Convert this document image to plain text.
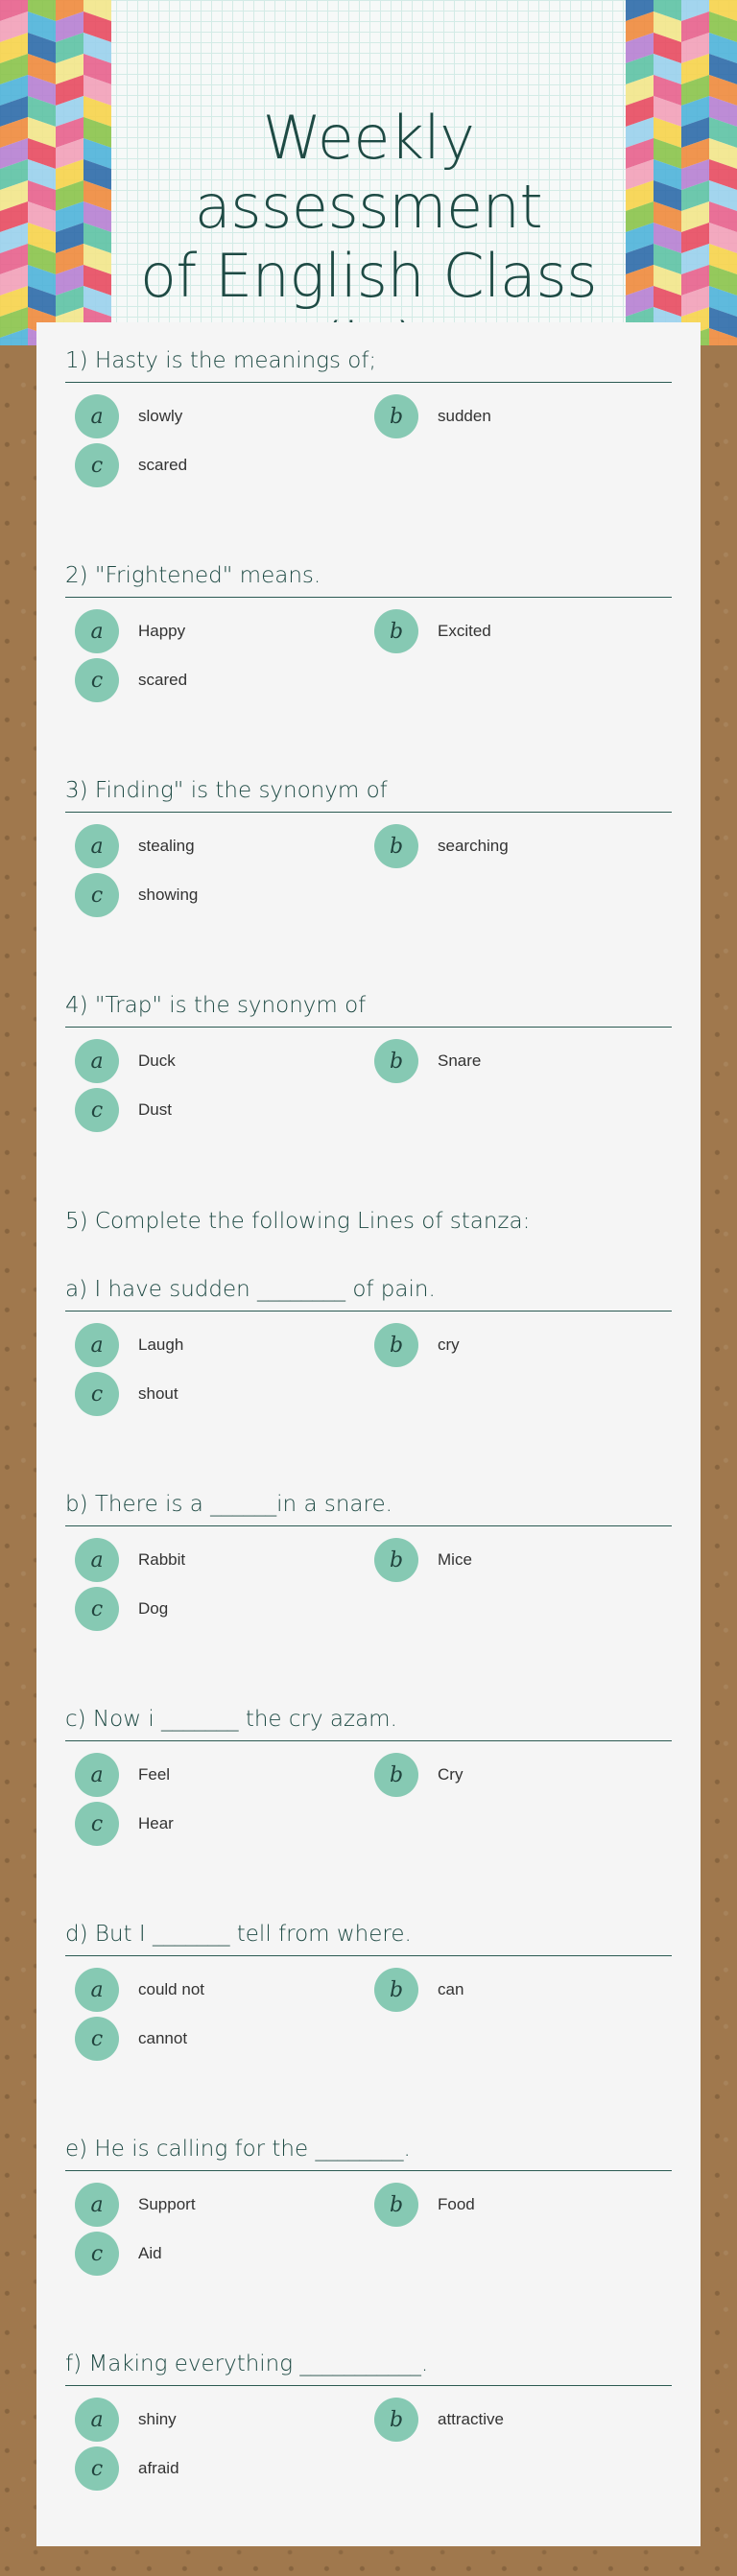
Weekly assessment
of English Class

1) Hasty is the meanings of;

a	slowly	b	sudden
c	scared

2) "Frightened" means.

a	Happy	b	Excited
c	scared

3) Finding" is the synonym of

a	stealing	b	searching
c	showing

4) "Trap" is the synonym of

a	Duck	b	Snare
c	Dust

5) Complete the following Lines of stanza:

a) I have sudden ________ of pain.

a	Laugh	b	cry
c	shout

b) There is a ______in a snare.

a	Rabbit	b	Mice
c	Dog

c) Now i _______ the cry azam.

a	Feel	b	Cry
c	Hear

d) But I _______ tell from where.

a	could not	b	can
c	cannot

e) He is calling for the ________.

a	Support	b	Food
c	Aid

f) Making everything ___________.

a	shiny	b	attractive
c	afraid
